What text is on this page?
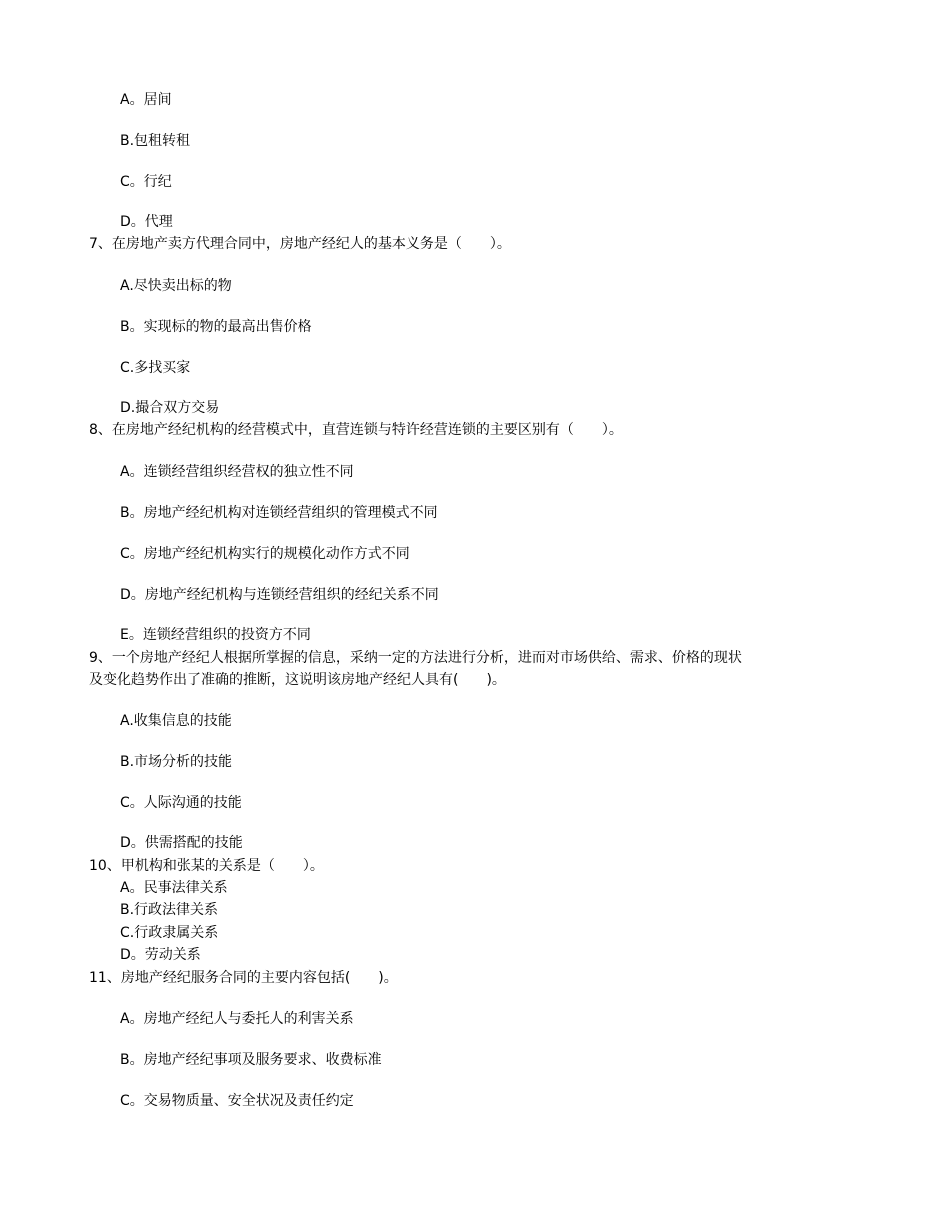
A。居间
B.包租转租
C。行纪
D。代理
7、在房地产卖方代理合同中，房地产经纪人的基本义务是（　　）。
A.尽快卖出标的物
B。实现标的物的最高出售价格
C.多找买家
D.撮合双方交易
8、在房地产经纪机构的经营模式中，直营连锁与特许经营连锁的主要区别有（　　）。
A。连锁经营组织经营权的独立性不同
B。房地产经纪机构对连锁经营组织的管理模式不同
C。房地产经纪机构实行的规模化动作方式不同
D。房地产经纪机构与连锁经营组织的经纪关系不同
E。连锁经营组织的投资方不同
9、一个房地产经纪人根据所掌握的信息，采纳一定的方法进行分析，进而对市场供给、需求、价格的现状
及变化趋势作出了准确的推断，这说明该房地产经纪人具有(　　)。
A.收集信息的技能
B.市场分析的技能
C。人际沟通的技能
D。供需搭配的技能
10、甲机构和张某的关系是（　　）。
A。民事法律关系
B.行政法律关系
C.行政隶属关系
D。劳动关系
11、房地产经纪服务合同的主要内容包括(　　)。
A。房地产经纪人与委托人的利害关系
B。房地产经纪事项及服务要求、收费标准
C。交易物质量、安全状况及责任约定
